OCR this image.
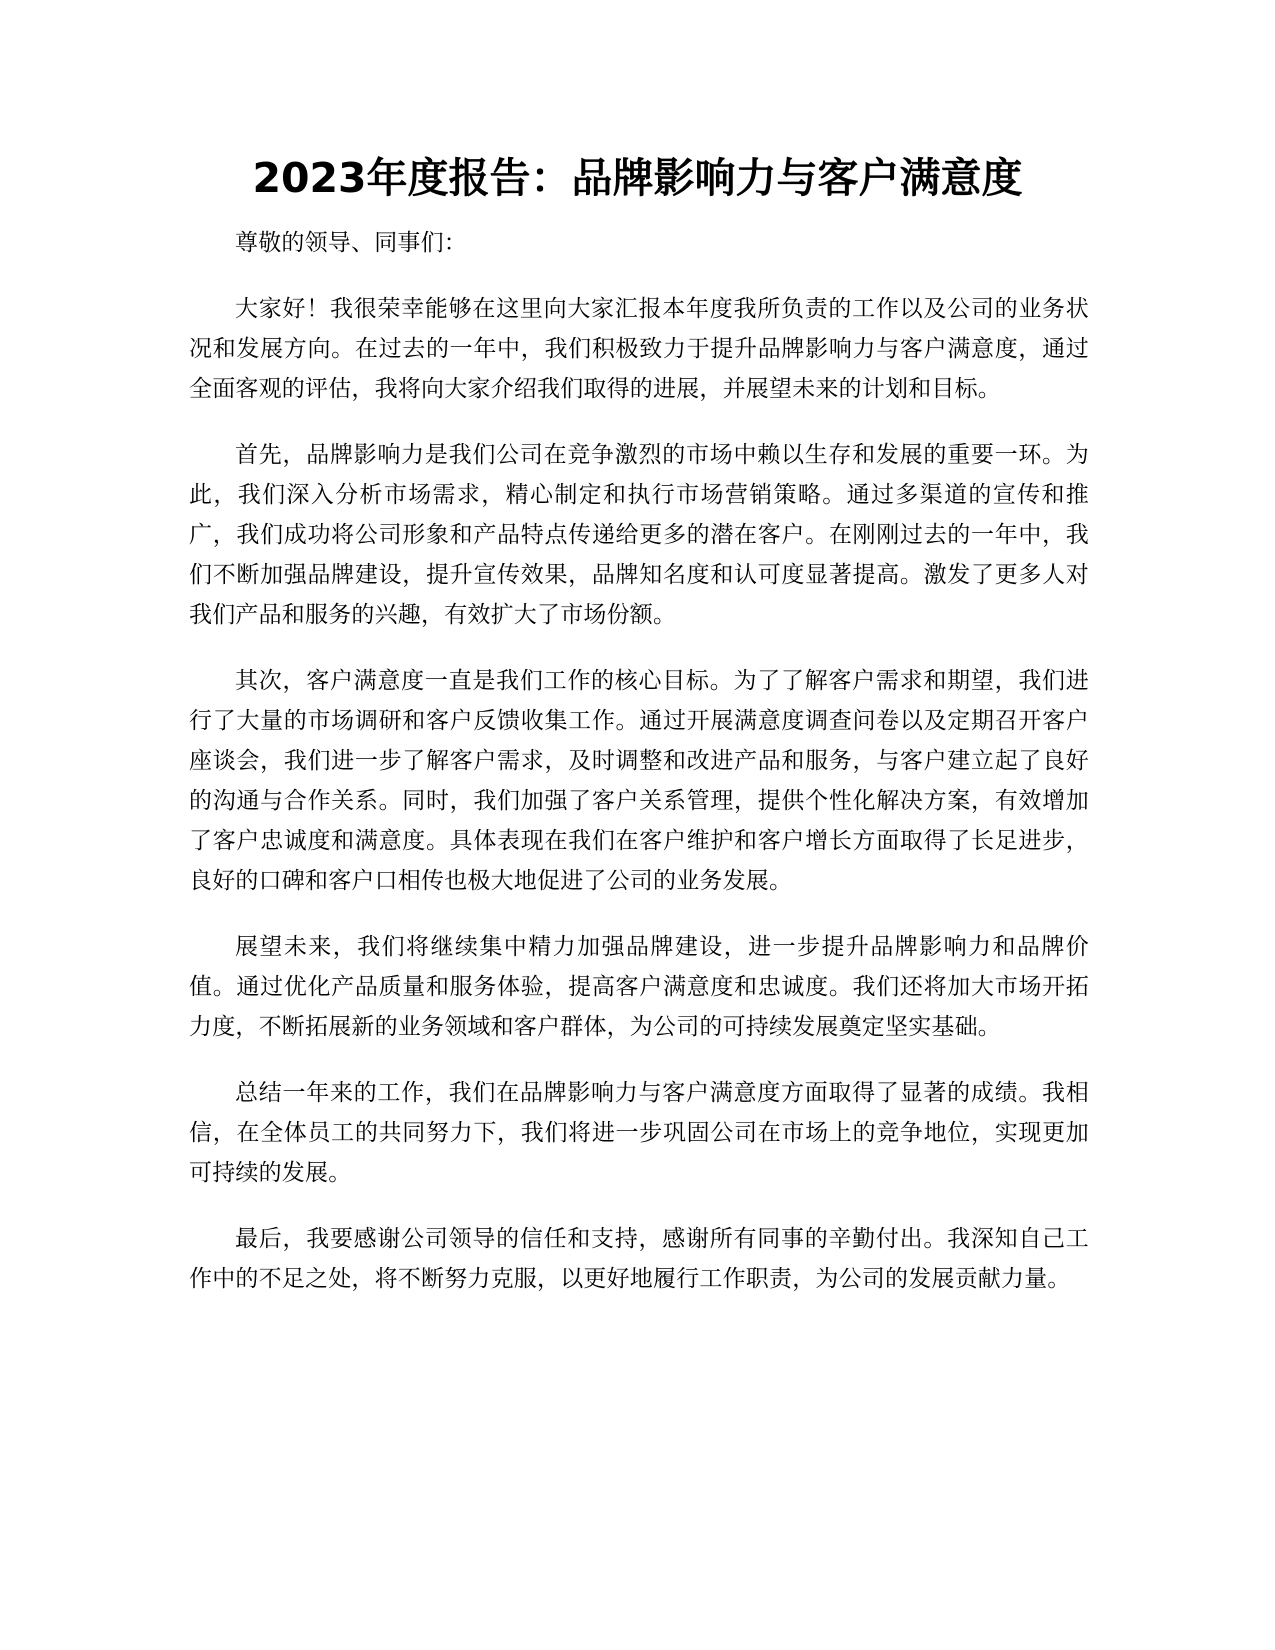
2023年度报告：品牌影响力与客户满意度

尊敬的领导、同事们：

大家好！我很荣幸能够在这里向大家汇报本年度我所负责的工作以及公司的业务状况和发展方向。在过去的一年中，我们积极致力于提升品牌影响力与客户满意度，通过全面客观的评估，我将向大家介绍我们取得的进展，并展望未来的计划和目标。

首先，品牌影响力是我们公司在竞争激烈的市场中赖以生存和发展的重要一环。为此，我们深入分析市场需求，精心制定和执行市场营销策略。通过多渠道的宣传和推广，我们成功将公司形象和产品特点传递给更多的潜在客户。在刚刚过去的一年中，我们不断加强品牌建设，提升宣传效果，品牌知名度和认可度显著提高。激发了更多人对我们产品和服务的兴趣，有效扩大了市场份额。

其次，客户满意度一直是我们工作的核心目标。为了了解客户需求和期望，我们进行了大量的市场调研和客户反馈收集工作。通过开展满意度调查问卷以及定期召开客户座谈会，我们进一步了解客户需求，及时调整和改进产品和服务，与客户建立起了良好的沟通与合作关系。同时，我们加强了客户关系管理，提供个性化解决方案，有效增加了客户忠诚度和满意度。具体表现在我们在客户维护和客户增长方面取得了长足进步，良好的口碑和客户口相传也极大地促进了公司的业务发展。

展望未来，我们将继续集中精力加强品牌建设，进一步提升品牌影响力和品牌价值。通过优化产品质量和服务体验，提高客户满意度和忠诚度。我们还将加大市场开拓力度，不断拓展新的业务领域和客户群体，为公司的可持续发展奠定坚实基础。

总结一年来的工作，我们在品牌影响力与客户满意度方面取得了显著的成绩。我相信，在全体员工的共同努力下，我们将进一步巩固公司在市场上的竞争地位，实现更加可持续的发展。

最后，我要感谢公司领导的信任和支持，感谢所有同事的辛勤付出。我深知自己工作中的不足之处，将不断努力克服，以更好地履行工作职责，为公司的发展贡献力量。
